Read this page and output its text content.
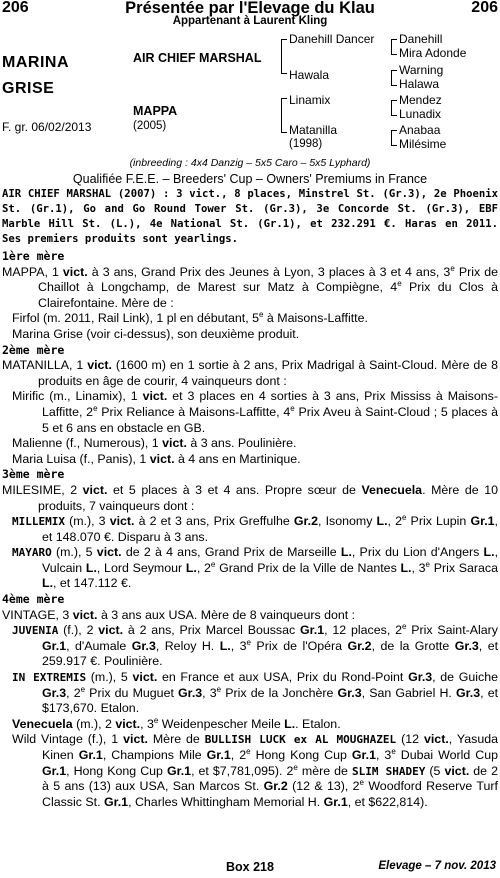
Présentée par l'Elevage du Klau
206	206
Appartenant à Laurent Kling
MARINA
GRISE
F. gr. 06/02/2013
AIR CHIEF MARSHAL
MAPPA
(2005)
Danehill Dancer
Hawala
Linamix
Matanilla
(1998)
Danehill
Mira Adonde
Warning
Halawa
Mendez
Lunadix
Anabaa
Milésime
(inbreeding : 4x4 Danzig – 5x5 Caro – 5x5 Lyphard)
Qualifiée F.E.E. – Breeders' Cup – Owners' Premiums in France
AIR CHIEF MARSHAL (2007) : 3 vict., 8 places, Minstrel St. (Gr.3), 2e Phoenix St. (Gr.1), Go and Go Round Tower St. (Gr.3), 3e Concorde St. (Gr.3), EBF Marble Hill St. (L.), 4e National St. (Gr.1), et 232.291 €. Haras en 2011. Ses premiers produits sont yearlings.

1ère mère

MAPPA, 1 vict. à 3 ans, Grand Prix des Jeunes à Lyon, 3 places à 3 et 4 ans, 3e Prix de Chaillot à Longchamp, de Marest sur Matz à Compiègne, 4e Prix du Clos à Clairefontaine. Mère de :

Firfol (m. 2011, Rail Link), 1 pl en débutant, 5e à Maisons-Laffitte.

Marina Grise (voir ci-dessus), son deuxième produit.

2ème mère

MATANILLA, 1 vict. (1600 m) en 1 sortie à 2 ans, Prix Madrigal à Saint-Cloud. Mère de 8 produits en âge de courir, 4 vainqueurs dont :

Mirific (m., Linamix), 1 vict. et 3 places en 4 sorties à 3 ans, Prix Mississ à Maisons-Laffitte, 2e Prix Reliance à Maisons-Laffitte, 4e Prix Aveu à Saint-Cloud ; 5 places à 5 et 6 ans en obstacle en GB.

Malienne (f., Numerous), 1 vict. à 3 ans. Poulinière.

Maria Luisa (f., Panis), 1 vict. à 4 ans en Martinique.

3ème mère

MILESIME, 2 vict. et 5 places à 3 et 4 ans. Propre sœur de Venecuela. Mère de 10 produits, 7 vainqueurs dont :

MILLEMIX (m.), 3 vict. à 2 et 3 ans, Prix Greffulhe Gr.2, Isonomy L., 2e Prix Lupin Gr.1, et 148.070 €. Disparu à 3 ans.

MAYARO (m.), 5 vict. de 2 à 4 ans, Grand Prix de Marseille L., Prix du Lion d'Angers L., Vulcain L., Lord Seymour L., 2e Grand Prix de la Ville de Nantes L., 3e Prix Saraca L., et 147.112 €.

4ème mère

VINTAGE, 3 vict. à 3 ans aux USA. Mère de 8 vainqueurs dont :

JUVENIA (f.), 2 vict. à 2 ans, Prix Marcel Boussac Gr.1, 12 places, 2e Prix Saint-Alary Gr.1, d'Aumale Gr.3, Reloy H. L., 3e Prix de l'Opéra Gr.2, de la Grotte Gr.3, et 259.917 €. Poulinière.

IN EXTREMIS (m.), 5 vict. en France et aux USA, Prix du Rond-Point Gr.3, de Guiche Gr.3, 2e Prix du Muguet Gr.3, 3e Prix de la Jonchère Gr.3, San Gabriel H. Gr.3, et $173,670. Etalon.

Venecuela (m.), 2 vict., 3e Weidenpescher Meile L.. Etalon.

Wild Vintage (f.), 1 vict. Mère de BULLISH LUCK ex AL MOUGHAZEL (12 vict., Yasuda Kinen Gr.1, Champions Mile Gr.1, 2e Hong Kong Cup Gr.1, 3e Dubai World Cup Gr.1, Hong Kong Cup Gr.1, et $7,781,095). 2e mère de SLIM SHADEY (5 vict. de 2 à 5 ans (13) aux USA, San Marcos St. Gr.2 (12 & 13), 2e Woodford Reserve Turf Classic St. Gr.1, Charles Whittingham Memorial H. Gr.1, et $622,814).

Box 218	Elevage – 7 nov. 2013
